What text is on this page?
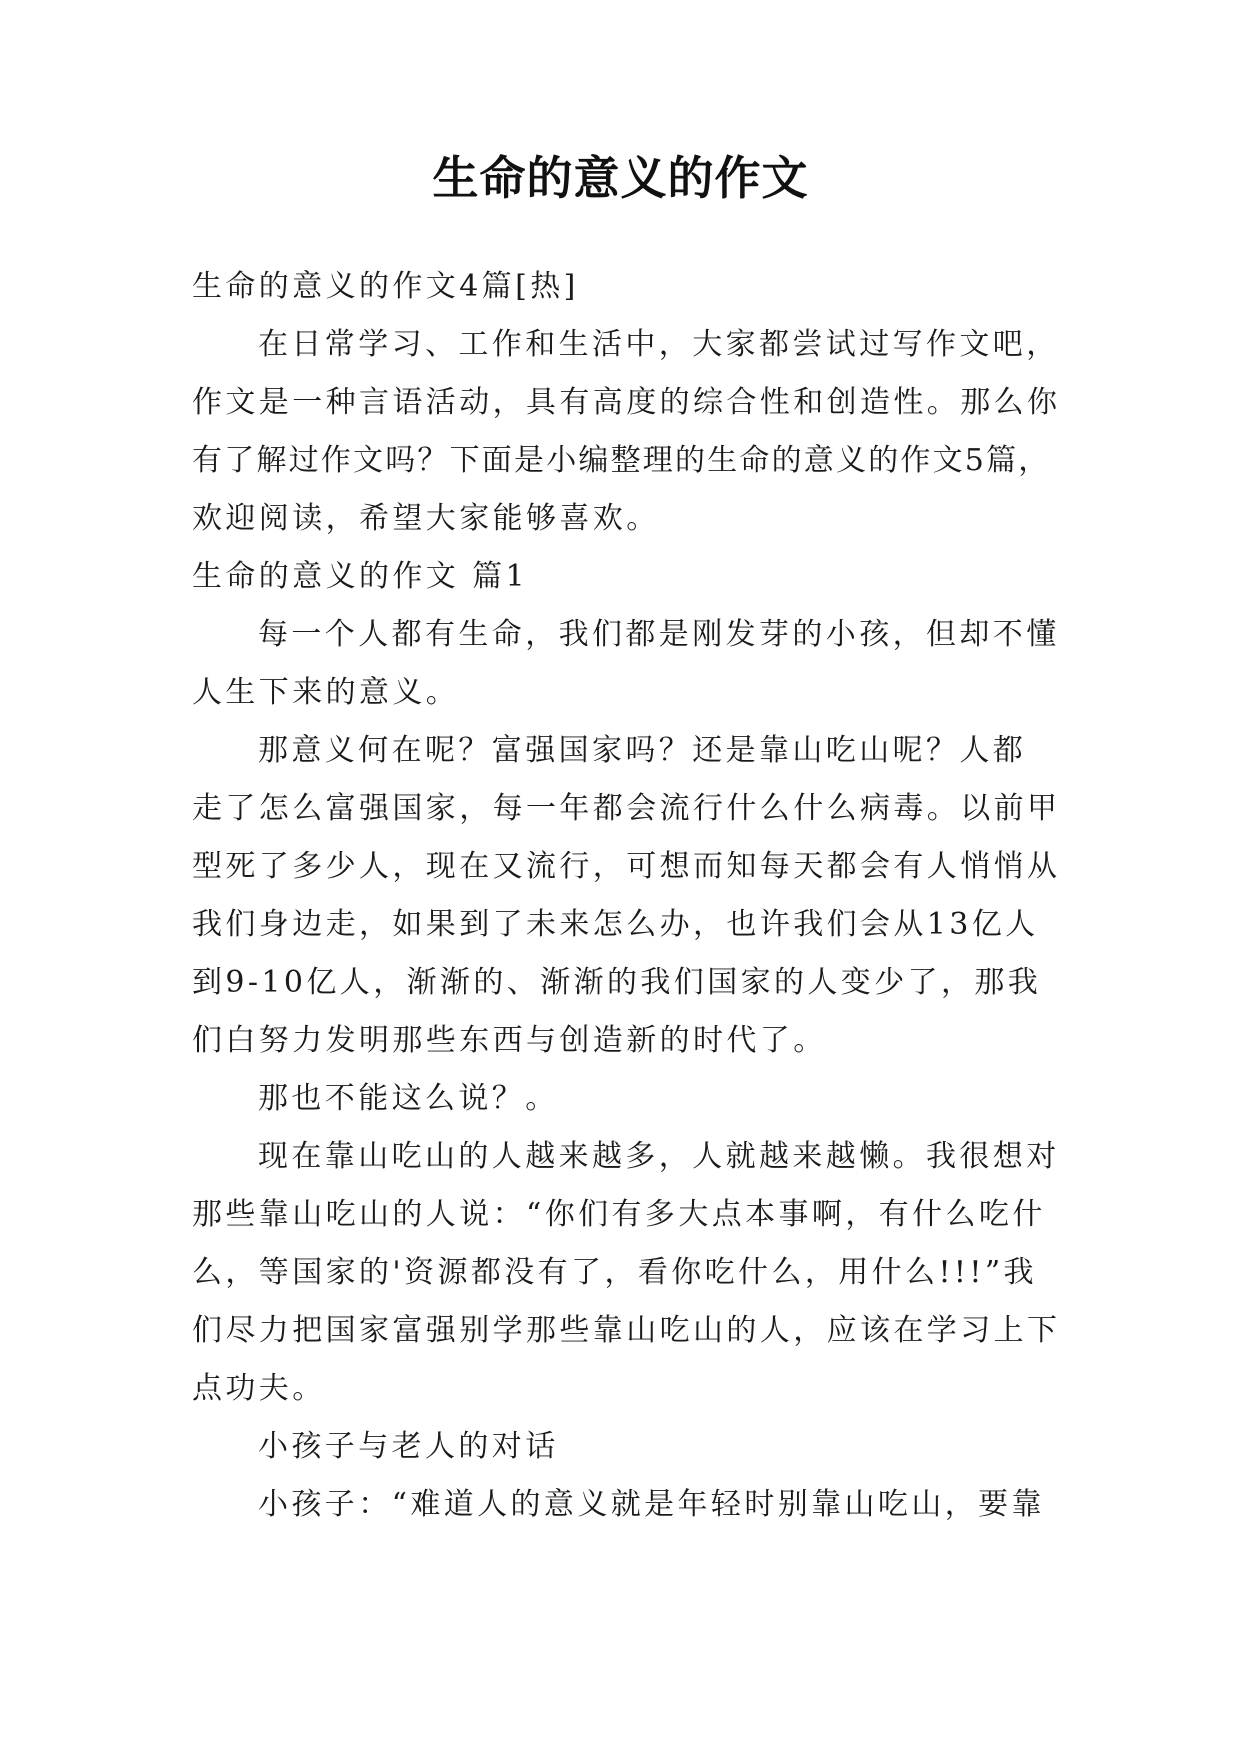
生命的意义的作文

生命的意义的作文4篇[热]

在日常学习、工作和生活中，大家都尝试过写作文吧，

作文是一种言语活动，具有高度的综合性和创造性。那么你

有了解过作文吗？下面是小编整理的生命的意义的作文5篇，

欢迎阅读，希望大家能够喜欢。

生命的意义的作文 篇1

每一个人都有生命，我们都是刚发芽的小孩，但却不懂

人生下来的意义。

那意义何在呢？富强国家吗？还是靠山吃山呢？人都

走了怎么富强国家，每一年都会流行什么什么病毒。以前甲

型死了多少人，现在又流行，可想而知每天都会有人悄悄从

我们身边走，如果到了未来怎么办，也许我们会从13亿人

到9-10亿人，渐渐的、渐渐的我们国家的人变少了，那我

们白努力发明那些东西与创造新的时代了。

那也不能这么说？。

现在靠山吃山的人越来越多，人就越来越懒。我很想对

那些靠山吃山的人说：“你们有多大点本事啊，有什么吃什

么，等国家的'资源都没有了，看你吃什么，用什么!!!”我

们尽力把国家富强别学那些靠山吃山的人，应该在学习上下

点功夫。

小孩子与老人的对话

小孩子：“难道人的意义就是年轻时别靠山吃山，要靠
